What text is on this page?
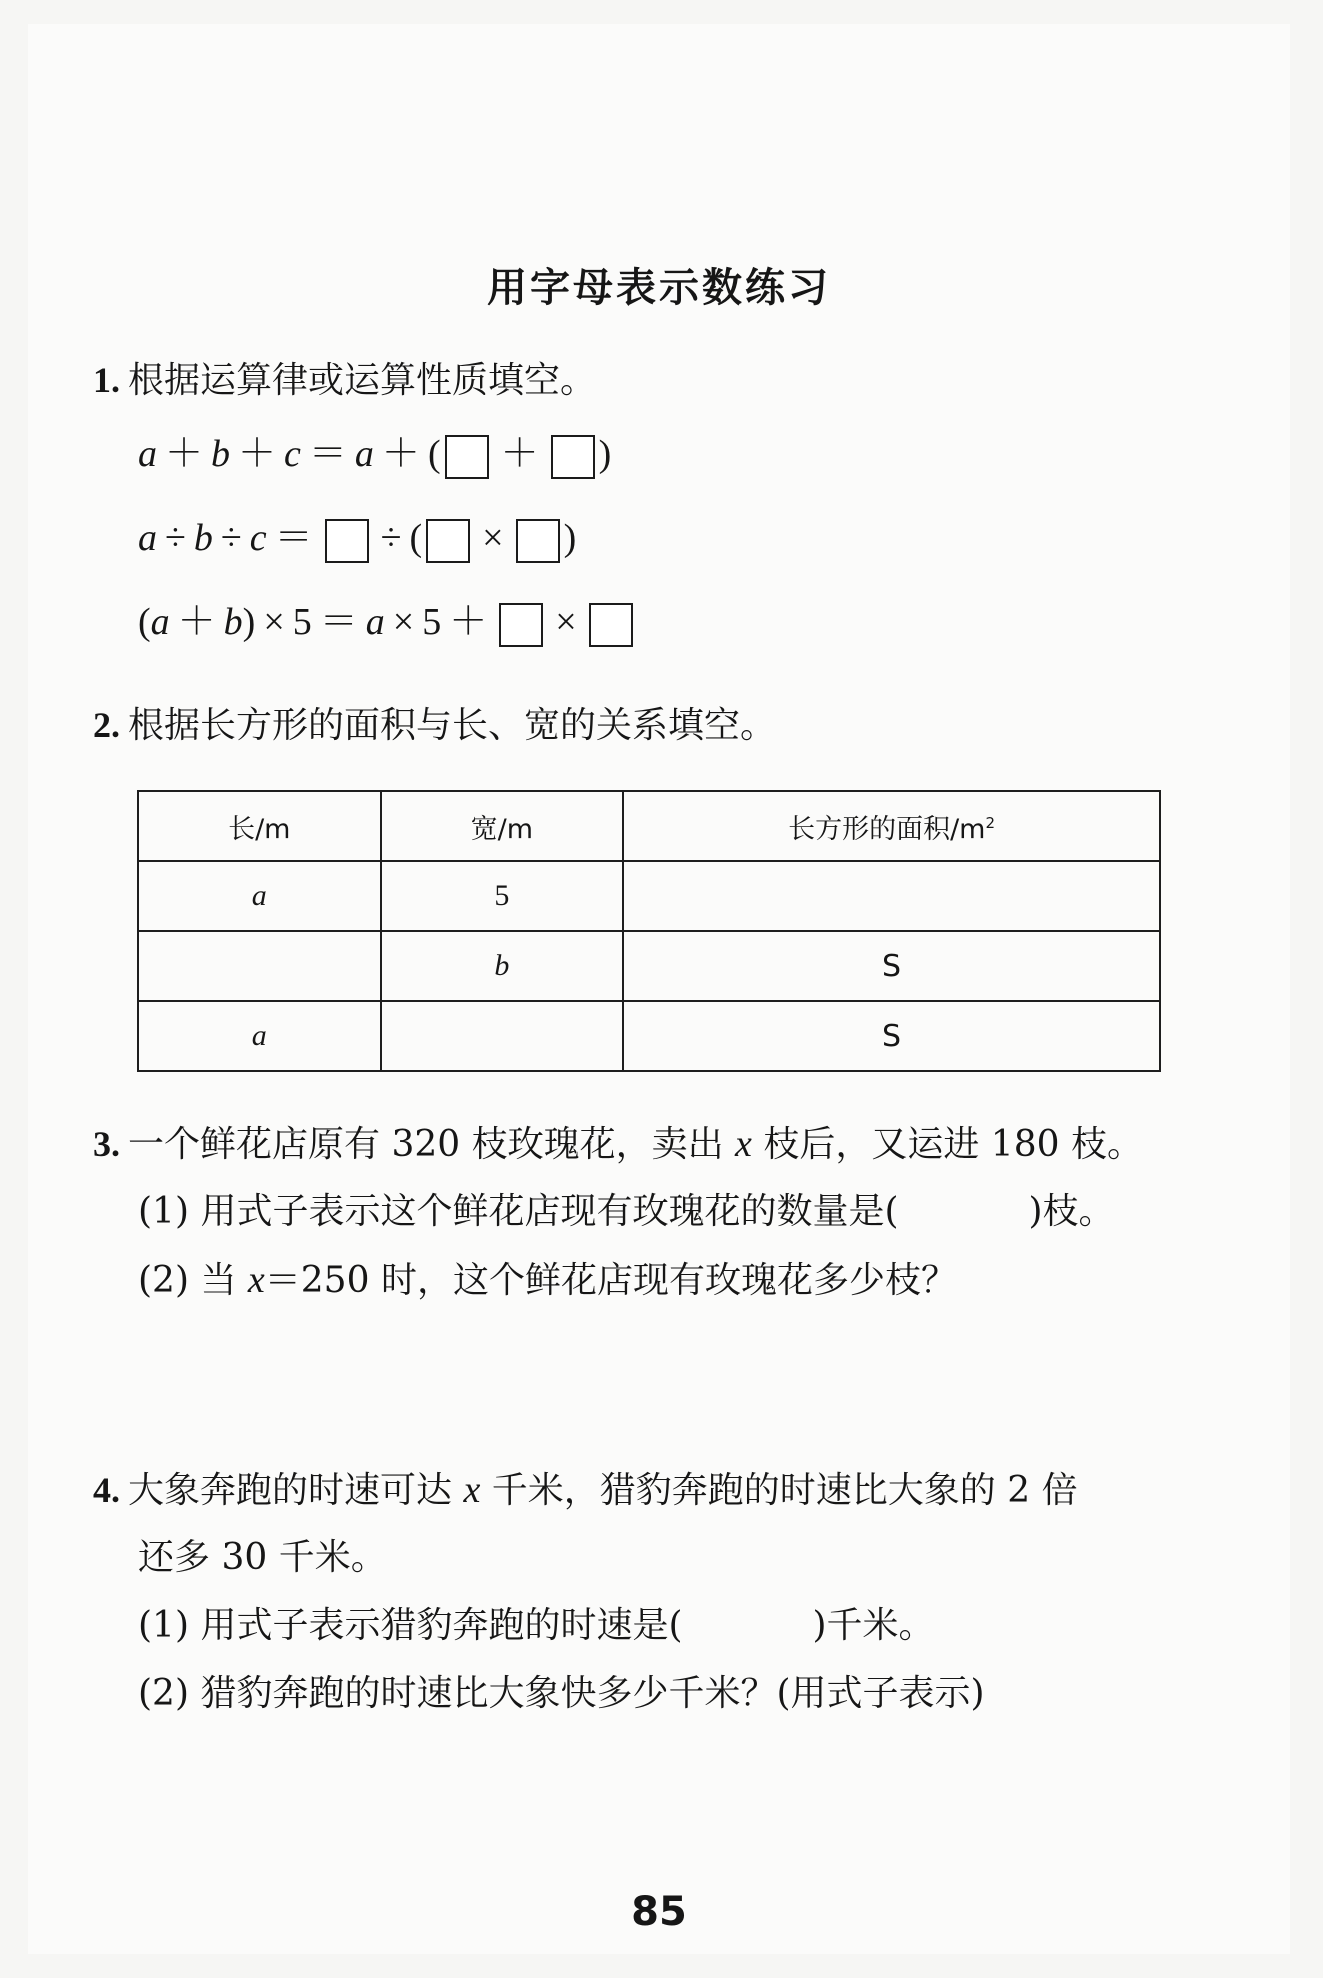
用字母表示数练习
1. 根据运算律或运算性质填空。
a ＋ b ＋ c ＝ a ＋ ( ＋ )
a ÷ b ÷ c ＝ ÷ ( × )
(a ＋ b) × 5 ＝ a × 5 ＋ ×
2. 根据长方形的面积与长、宽的关系填空。
长/m	宽/m	长方形的面积$/m^2$
a	5	
	b	S
a		S
3. 一个鲜花店原有 320 枝玫瑰花，卖出 x 枝后，又运进 180 枝。
(1) 用式子表示这个鲜花店现有玫瑰花的数量是(	)枝。
(2) 当 x＝250 时，这个鲜花店现有玫瑰花多少枝？
4. 大象奔跑的时速可达 x 千米，猎豹奔跑的时速比大象的 2 倍
还多 30 千米。
(1) 用式子表示猎豹奔跑的时速是(	)千米。
(2) 猎豹奔跑的时速比大象快多少千米？(用式子表示)
85
